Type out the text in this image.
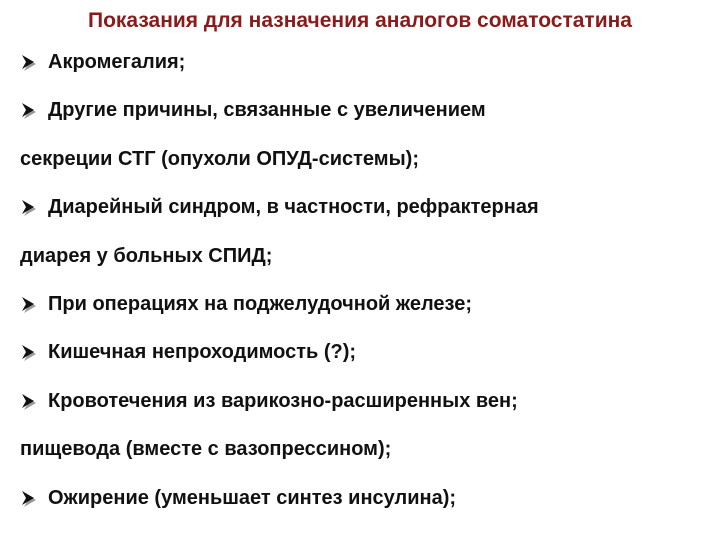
Показания для назначения аналогов соматостатина
Акромегалия;
Другие причины, связанные с увеличением
секреции СТГ (опухоли ОПУД-системы);
Диарейный синдром, в частности, рефрактерная
диарея у больных СПИД;
При операциях на поджелудочной железе;
Кишечная непроходимость (?);
Кровотечения из варикозно-расширенных вен;
пищевода (вместе с вазопрессином);
Ожирение (уменьшает синтез инсулина);
